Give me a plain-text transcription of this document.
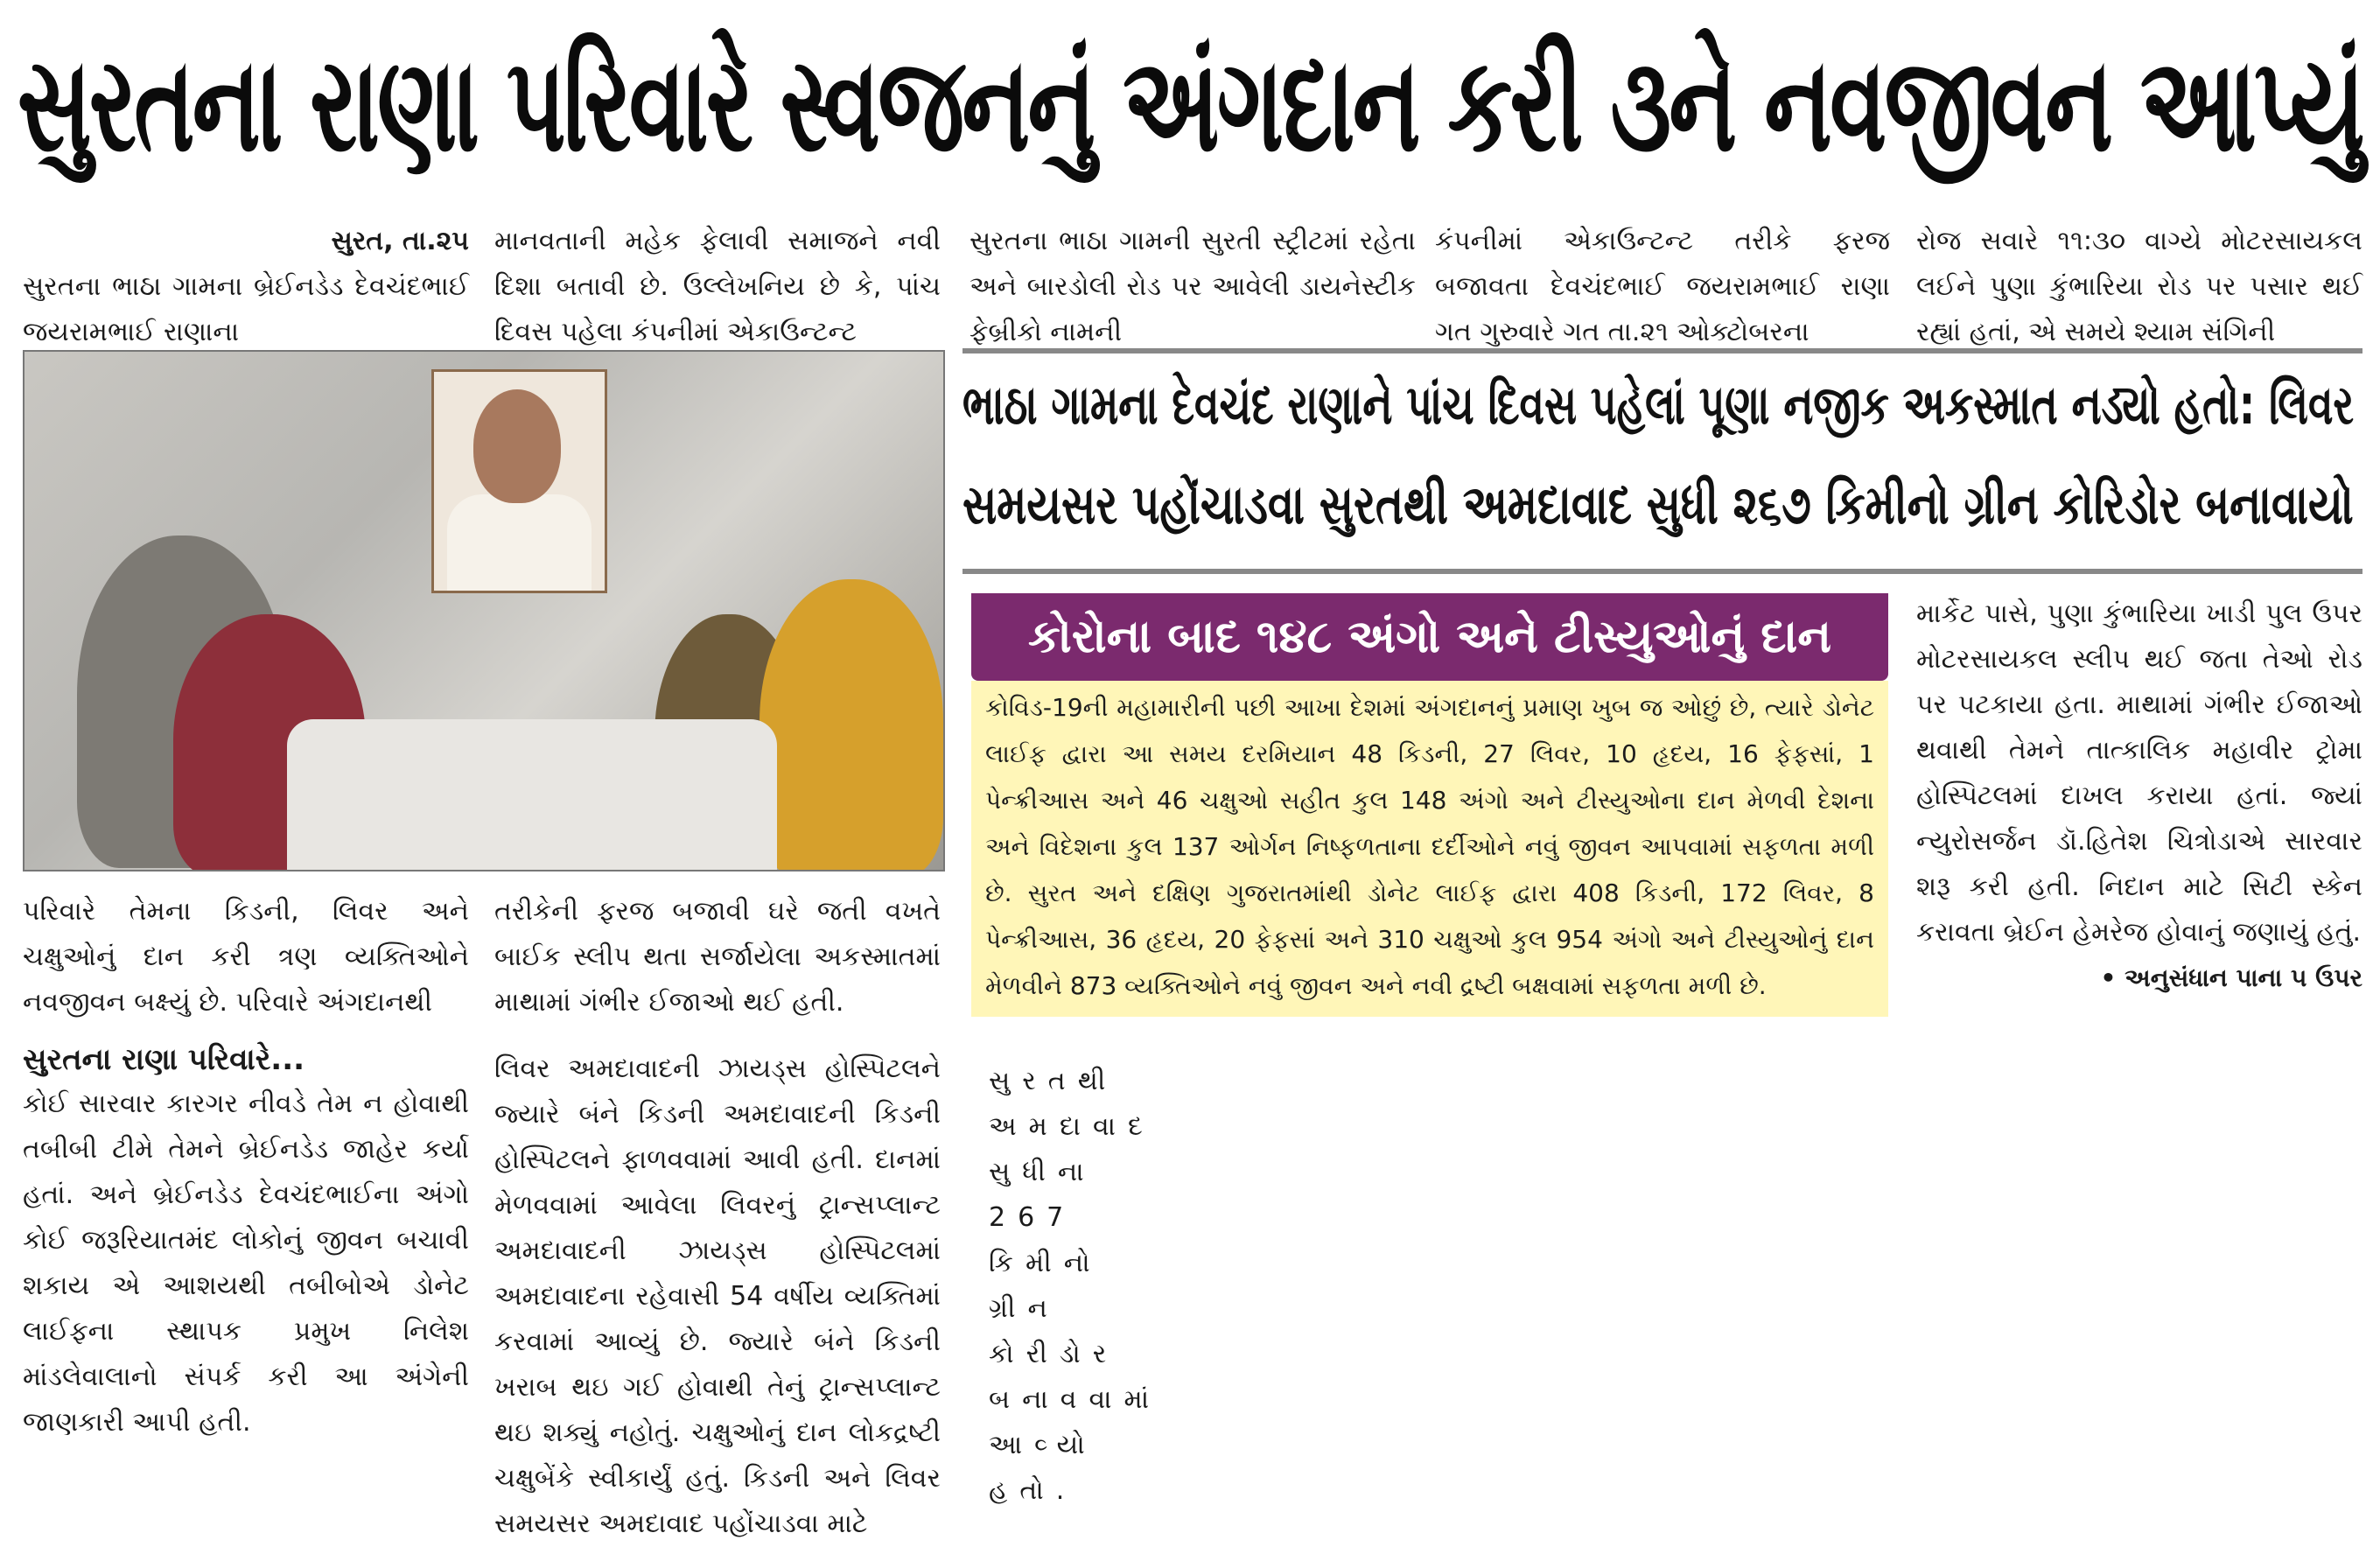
સુરતના રાણા પરિવારે સ્વજનનું અંગદાન કરી ૩ને નવજીવન આપ્યું
સુરત, તા.૨૫
સુરતના ભાઠા ગામના બ્રેઈનડેડ દેવચંદભાઈ જયરામભાઈ રાણાના
માનવતાની મહેક ફેલાવી સમાજને નવી દિશા બતાવી છે. ઉલ્લેખનિય છે કે, પાંચ દિવસ પહેલા કંપનીમાં એકાઉન્ટન્ટ
સુરતના ભાઠા ગામની સુરતી સ્ટ્રીટમાં રહેતા અને બારડોલી રોડ પર આવેલી ડાયનેસ્ટીક ફેબ્રીકો નામની
કંપનીમાં એકાઉન્ટન્ટ તરીકે ફરજ બજાવતા દેવચંદભાઈ જયરામભાઈ રાણા ગત ગુરુવારે ગત તા.૨૧ ઓક્ટોબરના
રોજ સવારે ૧૧:૩૦ વાગ્યે મોટરસાયકલ લઈને પુણા કુંભારિયા રોડ પર પસાર થઈ રહ્યાં હતાં, એ સમયે શ્યામ સંગિની
ભાઠા ગામના દેવચંદ રાણાને પાંચ દિવસ પહેલાં પૂણા નજીક અકસ્માત નડ્યો હતો: લિવર
સમયસર પહોંચાડવા સુરતથી અમદાવાદ સુધી ૨૬૭ કિમીનો ગ્રીન કોરિડોર બનાવાયો
કોરોના બાદ ૧૪૮ અંગો અને ટીસ્યુઓનું દાન
કોવિડ-19ની મહામારીની પછી આખા દેશમાં અંગદાનનું પ્રમાણ ખુબ જ ઓછું છે, ત્યારે ડોનેટ લાઈફ દ્વારા આ સમય દરમિયાન 48 કિડની, 27 લિવર, 10 હૃદય, 16 ફેફસાં, 1 પેન્ક્રીઆસ અને 46 ચક્ષુઓ સહીત કુલ 148 અંગો અને ટીસ્યુઓના દાન મેળવી દેશના અને વિદેશના કુલ 137 ઓર્ગન નિષ્ફળતાના દર્દીઓને નવું જીવન આપવામાં સફળતા મળી છે. સુરત અને દક્ષિણ ગુજરાતમાંથી ડોનેટ લાઈફ દ્વારા 408 કિડની, 172 લિવર, 8 પેન્ક્રીઆસ, 36 હૃદય, 20 ફેફસાં અને 310 ચક્ષુઓ કુલ 954 અંગો અને ટીસ્યુઓનું દાન મેળવીને 873 વ્યક્તિઓને નવું જીવન અને નવી દ્રષ્ટી બક્ષવામાં સફળતા મળી છે.
માર્કેટ પાસે, પુણા કુંભારિયા ખાડી પુલ ઉપર મોટરસાયકલ સ્લીપ થઈ જતા તેઓ રોડ પર પટકાયા હતા. માથામાં ગંભીર ઈજાઓ થવાથી તેમને તાત્કાલિક મહાવીર ટ્રોમા હોસ્પિટલમાં દાખલ કરાયા હતાં. જ્યાં ન્યુરોસર્જન ડૉ.હિતેશ ચિત્રોડાએ સારવાર શરૂ કરી હતી. નિદાન માટે સિટી સ્કેન કરાવતા બ્રેઈન હેમરેજ હોવાનું જણાયું હતું.
• અનુસંધાન પાના ૫ ઉપર
પરિવારે તેમના કિડની, લિવર અને ચક્ષુઓનું દાન કરી ત્રણ વ્યક્તિઓને નવજીવન બક્ષ્યું છે. પરિવારે અંગદાનથી
તરીકેની ફરજ બજાવી ઘરે જતી વખતે બાઈક સ્લીપ થતા સર્જાયેલા અકસ્માતમાં માથામાં ગંભીર ઈજાઓ થઈ હતી.
સુરતના રાણા પરિવારે...
કોઈ સારવાર કારગર નીવડે તેમ ન હોવાથી તબીબી ટીમે તેમને બ્રેઈનડેડ જાહેર કર્યા હતાં. અને બ્રેઈનડેડ દેવચંદભાઈના અંગો કોઈ જરૂરિયાતમંદ લોકોનું જીવન બચાવી શકાય એ આશયથી તબીબોએ ડોનેટ લાઈફના સ્થાપક પ્રમુખ નિલેશ માંડલેવાલાનો સંપર્ક કરી આ અંગેની જાણકારી આપી હતી.
લિવર અમદાવાદની ઝાયડ્સ હોસ્પિટલને જ્યારે બંને કિડની અમદાવાદની કિડની હોસ્પિટલને ફાળવવામાં આવી હતી. દાનમાં મેળવવામાં આવેલા લિવરનું ટ્રાન્સપ્લાન્ટ અમદાવાદની ઝાયડ્સ હોસ્પિટલમાં અમદાવાદના રહેવાસી 54 વર્ષીય વ્યક્તિમાં કરવામાં આવ્યું છે. જ્યારે બંને કિડની ખરાબ થઇ ગઈ હોવાથી તેનું ટ્રાન્સપ્લાન્ટ થઇ શક્યું નહોતું. ચક્ષુઓનું દાન લોકદ્રષ્ટી ચક્ષુબેંકે સ્વીકાર્યું હતું. કિડની અને લિવર સમયસર અમદાવાદ પહોંચાડવા માટે
સુરતથી અમદાવાદ સુધીના 267 કિમીનો ગ્રીન કોરીડોર બનાવવામાં આવ્યો હતો.
